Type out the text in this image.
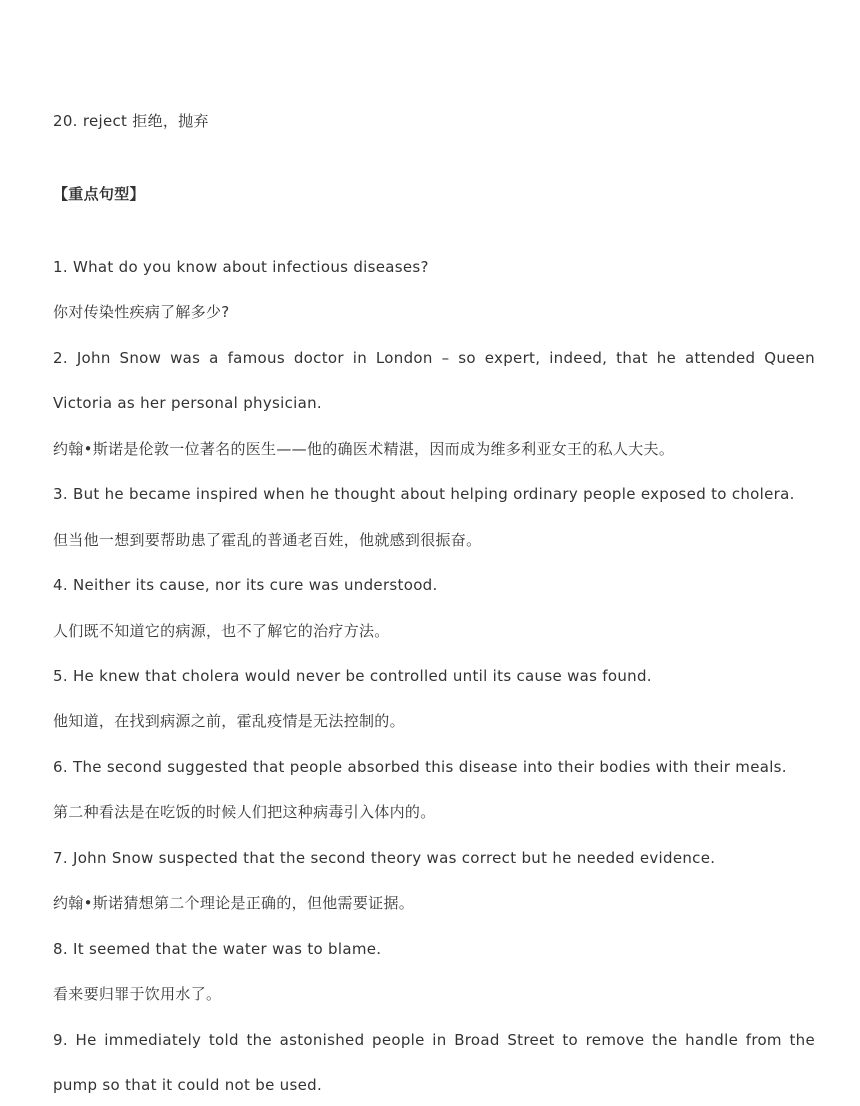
20. reject 拒绝，抛弃
【重点句型】
1. What do you know about infectious diseases?
你对传染性疾病了解多少?
2. John Snow was a famous doctor in London – so expert, indeed, that he attended Queen
Victoria as her personal physician.
约翰•斯诺是伦敦一位著名的医生——他的确医术精湛，因而成为维多利亚女王的私人大夫。
3. But he became inspired when he thought about helping ordinary people exposed to cholera.
但当他一想到要帮助患了霍乱的普通老百姓，他就感到很振奋。
4. Neither its cause, nor its cure was understood.
人们既不知道它的病源，也不了解它的治疗方法。
5. He knew that cholera would never be controlled until its cause was found.
他知道，在找到病源之前，霍乱疫情是无法控制的。
6. The second suggested that people absorbed this disease into their bodies with their meals.
第二种看法是在吃饭的时候人们把这种病毒引入体内的。
7. John Snow suspected that the second theory was correct but he needed evidence.
约翰•斯诺猜想第二个理论是正确的，但他需要证据。
8. It seemed that the water was to blame.
看来要归罪于饮用水了。
9. He immediately told the astonished people in Broad Street to remove the handle from the
pump so that it could not be used.
